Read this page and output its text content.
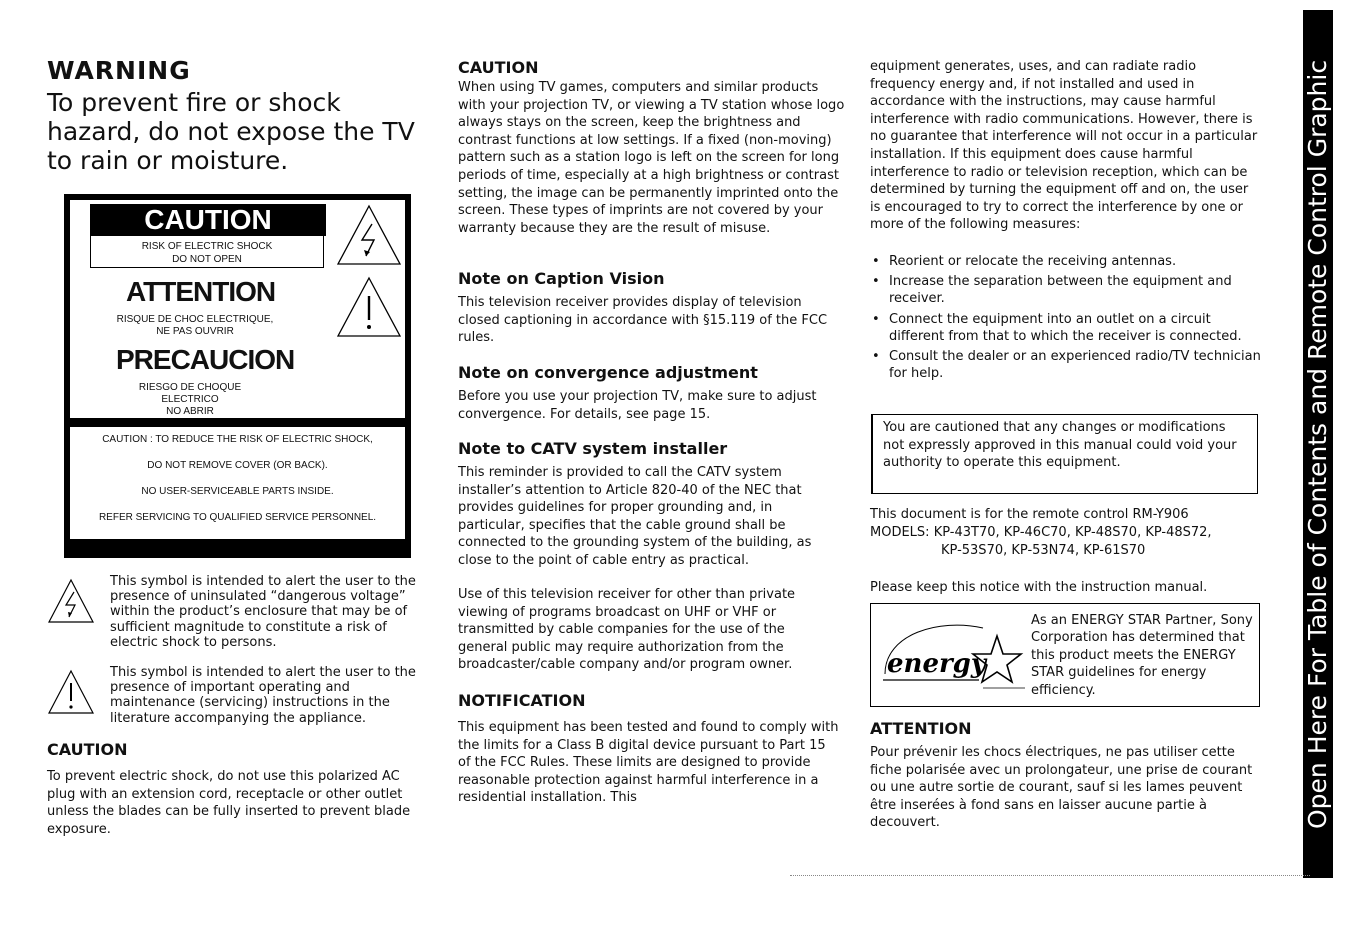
WARNING
To prevent fire or shock hazard, do not expose the TV to rain or moisture.
CAUTION
RISK OF ELECTRIC SHOCK
DO NOT OPEN
ATTENTION
RISQUE DE CHOC ELECTRIQUE,
NE PAS OUVRIR
PRECAUCION
RIESGO DE CHOQUE ELECTRICO
NO ABRIR
CAUTION : TO REDUCE THE RISK OF ELECTRIC SHOCK,
DO NOT REMOVE COVER (OR BACK).
NO USER-SERVICEABLE PARTS INSIDE.
REFER SERVICING TO QUALIFIED SERVICE PERSONNEL.

This symbol is intended to alert the user to the presence of uninsulated “dangerous voltage” within the product’s enclosure that may be of sufficient magnitude to constitute a risk of electric shock to persons.

This symbol is intended to alert the user to the presence of important operating and maintenance (servicing) instructions in the literature accompanying the appliance.

CAUTION

To prevent electric shock, do not use this polarized AC plug with an extension cord, receptacle or other outlet unless the blades can be fully inserted to prevent blade exposure.

CAUTION

When using TV games, computers and similar products with your projection TV, or viewing a TV station whose logo always stays on the screen, keep the brightness and contrast functions at low settings. If a fixed (non-moving) pattern such as a station logo is left on the screen for long periods of time, especially at a high brightness or contrast setting, the image can be permanently imprinted onto the screen. These types of imprints are not covered by your warranty because they are the result of misuse.

Note on Caption Vision

This television receiver provides display of television closed captioning in accordance with §15.119 of the FCC rules.

Note on convergence adjustment

Before you use your projection TV, make sure to adjust convergence. For details, see page 15.

Note to CATV system installer

This reminder is provided to call the CATV system installer’s attention to Article 820-40 of the NEC that provides guidelines for proper grounding and, in particular, specifies that the cable ground shall be connected to the grounding system of the building, as close to the point of cable entry as practical.

Use of this television receiver for other than private viewing of programs broadcast on UHF or VHF or transmitted by cable companies for the use of the general public may require authorization from the broadcaster/cable company and/or program owner.

NOTIFICATION

This equipment has been tested and found to comply with the limits for a Class B digital device pursuant to Part 15 of the FCC Rules. These limits are designed to provide reasonable protection against harmful interference in a residential installation. This

equipment generates, uses, and can radiate radio frequency energy and, if not installed and used in accordance with the instructions, may cause harmful interference with radio communications. However, there is no guarantee that interference will not occur in a particular installation. If this equipment does cause harmful interference to radio or television reception, which can be determined by turning the equipment off and on, the user is encouraged to try to correct the interference by one or more of the following measures:

• Reorient or relocate the receiving antennas.
• Increase the separation between the equipment and receiver.
• Connect the equipment into an outlet on a circuit different from that to which the receiver is connected.
• Consult the dealer or an experienced radio/TV technician for help.
You are cautioned that any changes or modifications not expressly approved in this manual could void your authority to operate this equipment.

This document is for the remote control RM-Y906

MODELS: KP-43T70, KP-46C70, KP-48S70, KP-48S72,
KP-53S70, KP-53N74, KP-61S70

Please keep this notice with the instruction manual.

energy
As an ENERGY STAR Partner, Sony Corporation has determined that this product meets the ENERGY STAR guidelines for energy efficiency.
ATTENTION

Pour prévenir les chocs électriques, ne pas utiliser cette fiche polarisée avec un prolongateur, une prise de courant ou une autre sortie de courant, sauf si les lames peuvent être inserées à fond sans en laisser aucune partie à decouvert.	Open Here For Table of Contents and Remote Control Graphic
